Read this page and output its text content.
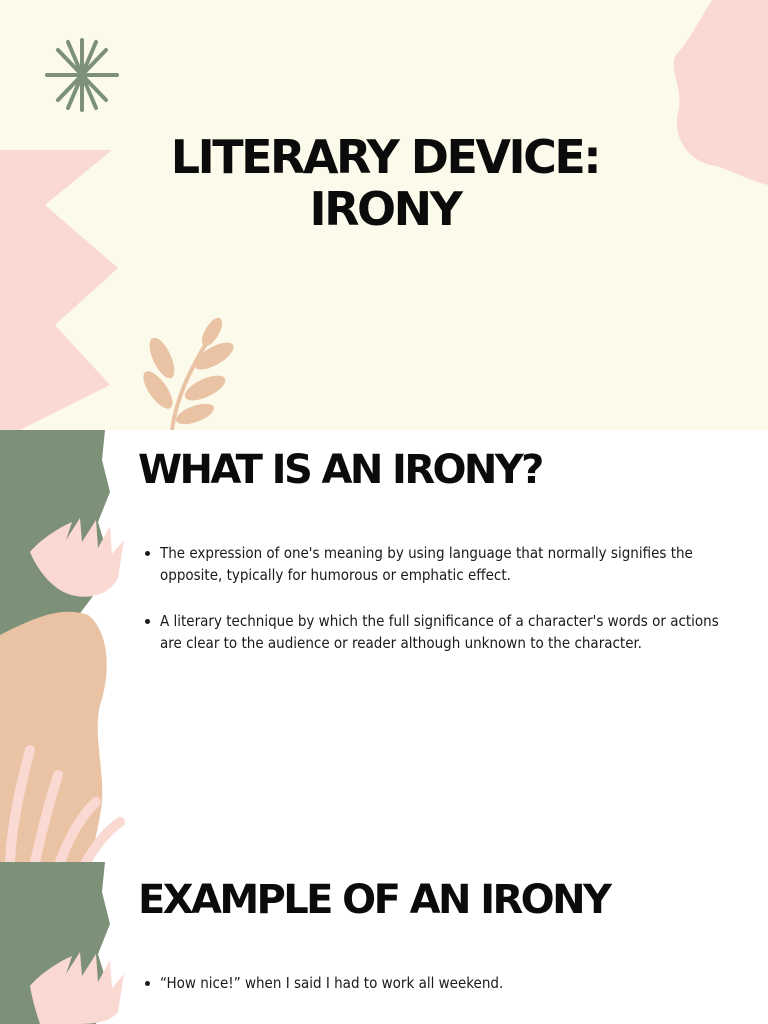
LITERARY DEVICE:
IRONY
WHAT IS AN IRONY?
The expression of one's meaning by using language that normally signifies the opposite, typically for humorous or emphatic effect.
A literary technique by which the full significance of a character's words or actions are clear to the audience or reader although unknown to the character.
EXAMPLE OF AN IRONY
“How nice!” when I said I had to work all weekend.
